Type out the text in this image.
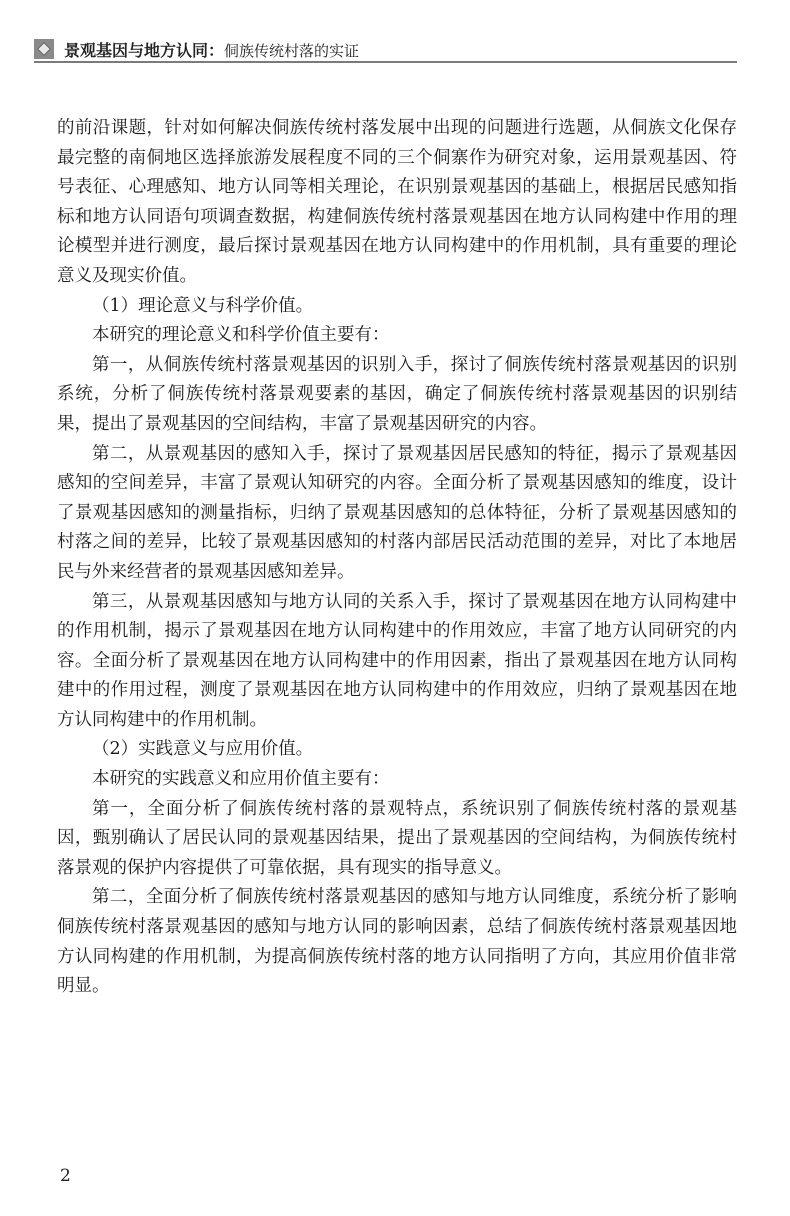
景观基因与地方认同：侗族传统村落的实证

的前沿课题，针对如何解决侗族传统村落发展中出现的问题进行选题，从侗族文化保存最完整的南侗地区选择旅游发展程度不同的三个侗寨作为研究对象，运用景观基因、符号表征、心理感知、地方认同等相关理论，在识别景观基因的基础上，根据居民感知指标和地方认同语句项调查数据，构建侗族传统村落景观基因在地方认同构建中作用的理论模型并进行测度，最后探讨景观基因在地方认同构建中的作用机制，具有重要的理论意义及现实价值。

（1）理论意义与科学价值。

本研究的理论意义和科学价值主要有：

第一，从侗族传统村落景观基因的识别入手，探讨了侗族传统村落景观基因的识别系统，分析了侗族传统村落景观要素的基因，确定了侗族传统村落景观基因的识别结果，提出了景观基因的空间结构，丰富了景观基因研究的内容。

第二，从景观基因的感知入手，探讨了景观基因居民感知的特征，揭示了景观基因感知的空间差异，丰富了景观认知研究的内容。全面分析了景观基因感知的维度，设计了景观基因感知的测量指标，归纳了景观基因感知的总体特征，分析了景观基因感知的村落之间的差异，比较了景观基因感知的村落内部居民活动范围的差异，对比了本地居民与外来经营者的景观基因感知差异。

第三，从景观基因感知与地方认同的关系入手，探讨了景观基因在地方认同构建中的作用机制，揭示了景观基因在地方认同构建中的作用效应，丰富了地方认同研究的内容。全面分析了景观基因在地方认同构建中的作用因素，指出了景观基因在地方认同构建中的作用过程，测度了景观基因在地方认同构建中的作用效应，归纳了景观基因在地方认同构建中的作用机制。

（2）实践意义与应用价值。

本研究的实践意义和应用价值主要有：

第一，全面分析了侗族传统村落的景观特点，系统识别了侗族传统村落的景观基因，甄别确认了居民认同的景观基因结果，提出了景观基因的空间结构，为侗族传统村落景观的保护内容提供了可靠依据，具有现实的指导意义。

第二，全面分析了侗族传统村落景观基因的感知与地方认同维度，系统分析了影响侗族传统村落景观基因的感知与地方认同的影响因素，总结了侗族传统村落景观基因地方认同构建的作用机制，为提高侗族传统村落的地方认同指明了方向，其应用价值非常明显。

2
